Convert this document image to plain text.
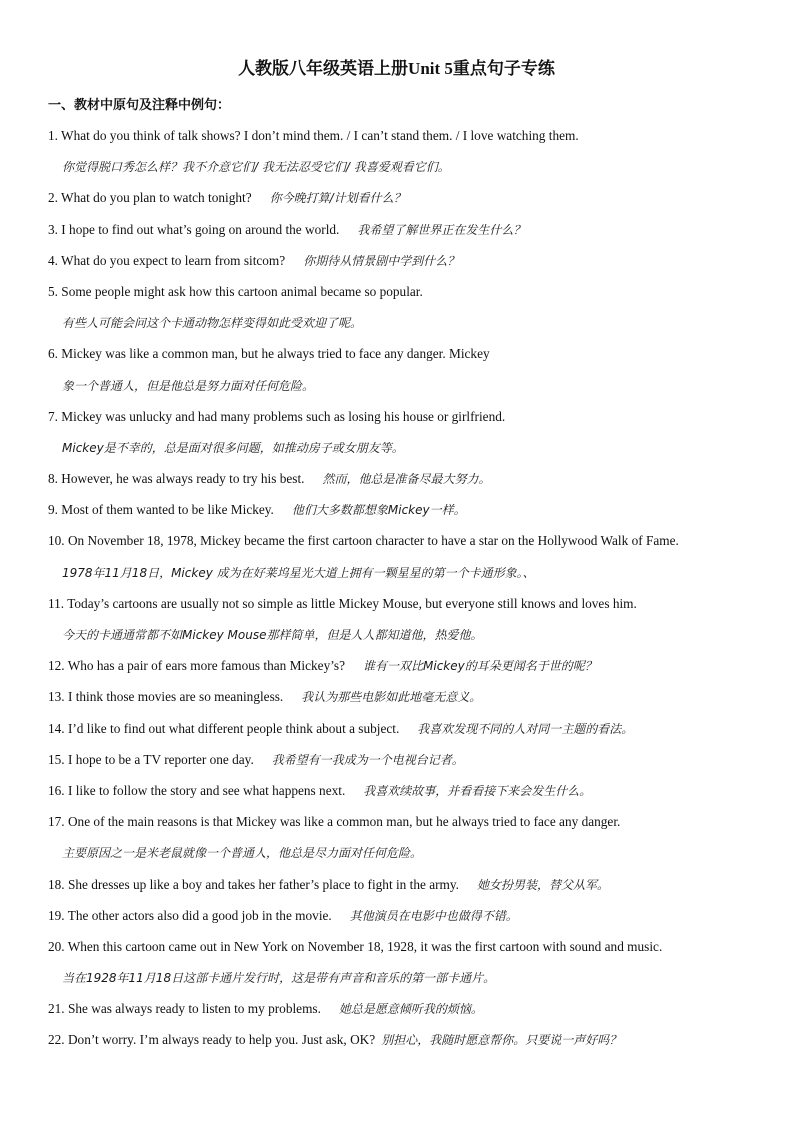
人教版八年级英语上册Unit 5重点句子专练
一、教材中原句及注释中例句：
1. What do you think of talk shows? I don’t mind them. / I can’t stand them. / I love watching them.
你觉得脱口秀怎么样？我不介意它们/ 我无法忍受它们/ 我喜爱观看它们。
2. What do you plan to watch tonight? 你今晚打算/计划看什么？
3. I hope to find out what’s going on around the world. 我希望了解世界正在发生什么？
4. What do you expect to learn from sitcom? 你期待从情景剧中学到什么？
5. Some people might ask how this cartoon animal became so popular.
有些人可能会问这个卡通动物怎样变得如此受欢迎了呢。
6. Mickey was like a common man, but he always tried to face any danger. Mickey
象一个普通人，但是他总是努力面对任何危险。
7. Mickey was unlucky and had many problems such as losing his house or girlfriend.
Mickey是不幸的，总是面对很多问题，如推动房子或女朋友等。
8. However, he was always ready to try his best. 然而，他总是准备尽最大努力。
9. Most of them wanted to be like Mickey. 他们大多数都想象Mickey一样。
10. On November 18, 1978, Mickey became the first cartoon character to have a star on the Hollywood Walk of Fame.
1978年11月18日，Mickey 成为在好莱坞星光大道上拥有一颗星星的第一个卡通形象。、
11. Today’s cartoons are usually not so simple as little Mickey Mouse, but everyone still knows and loves him.
今天的卡通通常都不如Mickey Mouse那样简单，但是人人都知道他，热爱他。
12. Who has a pair of ears more famous than Mickey’s? 谁有一双比Mickey的耳朵更闻名于世的呢？
13. I think those movies are so meaningless. 我认为那些电影如此地毫无意义。
14. I’d like to find out what different people think about a subject. 我喜欢发现不同的人对同一主题的看法。
15. I hope to be a TV reporter one day. 我希望有一我成为一个电视台记者。
16. I like to follow the story and see what happens next. 我喜欢续故事，并看看接下来会发生什么。
17. One of the main reasons is that Mickey was like a common man, but he always tried to face any danger.
主要原因之一是米老鼠就像一个普通人，他总是尽力面对任何危险。
18. She dresses up like a boy and takes her father’s place to fight in the army. 她女扮男装，替父从军。
19. The other actors also did a good job in the movie. 其他演员在电影中也做得不错。
20. When this cartoon came out in New York on November 18, 1928, it was the first cartoon with sound and music.
当在1928年11月18日这部卡通片发行时，这是带有声音和音乐的第一部卡通片。
21. She was always ready to listen to my problems. 她总是愿意倾听我的烦恼。
22. Don’t worry. I’m always ready to help you. Just ask, OK? 别担心，我随时愿意帮你。只要说一声好吗？
